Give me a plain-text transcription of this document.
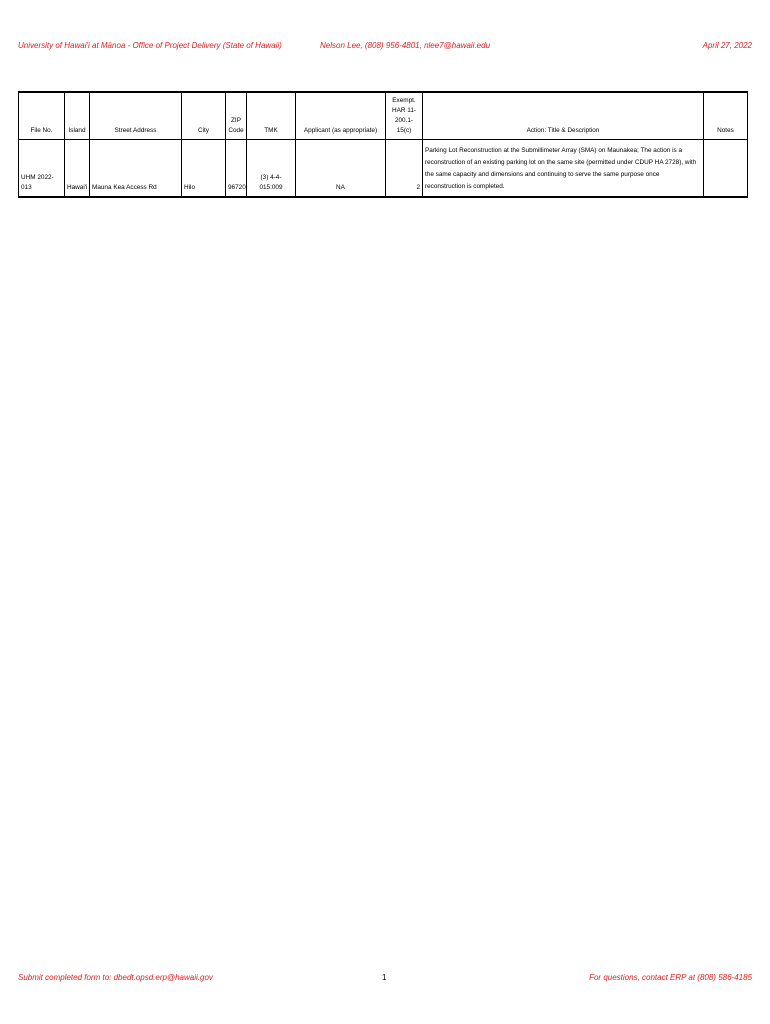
University of Hawai'i at Mānoa - Office of Project Delivery (State of Hawaii)	Nelson Lee, (808) 956-4801, nlee7@hawaii.edu	April 27, 2022
File No.	Island	Street Address	City	ZIP Code	TMK	Applicant (as appropriate)	Exempt. HAR 11-200.1-15(c)	Action: Title & Description	Notes
UHM 2022-013	Hawai'i	Mauna Kea Access Rd	Hilo	96720	(3) 4-4-015:009	NA	2	Parking Lot Reconstruction at the Submillimeter Array (SMA) on Maunakea; The action is a reconstruction of an existing parking lot on the same site (permitted under CDUP HA 2728), with the same capacity and dimensions and continuing to serve the same purpose once reconstruction is completed.	
Submit completed form to: dbedt.opsd.erp@hawaii.gov	1	For questions, contact ERP at (808) 586-4185
